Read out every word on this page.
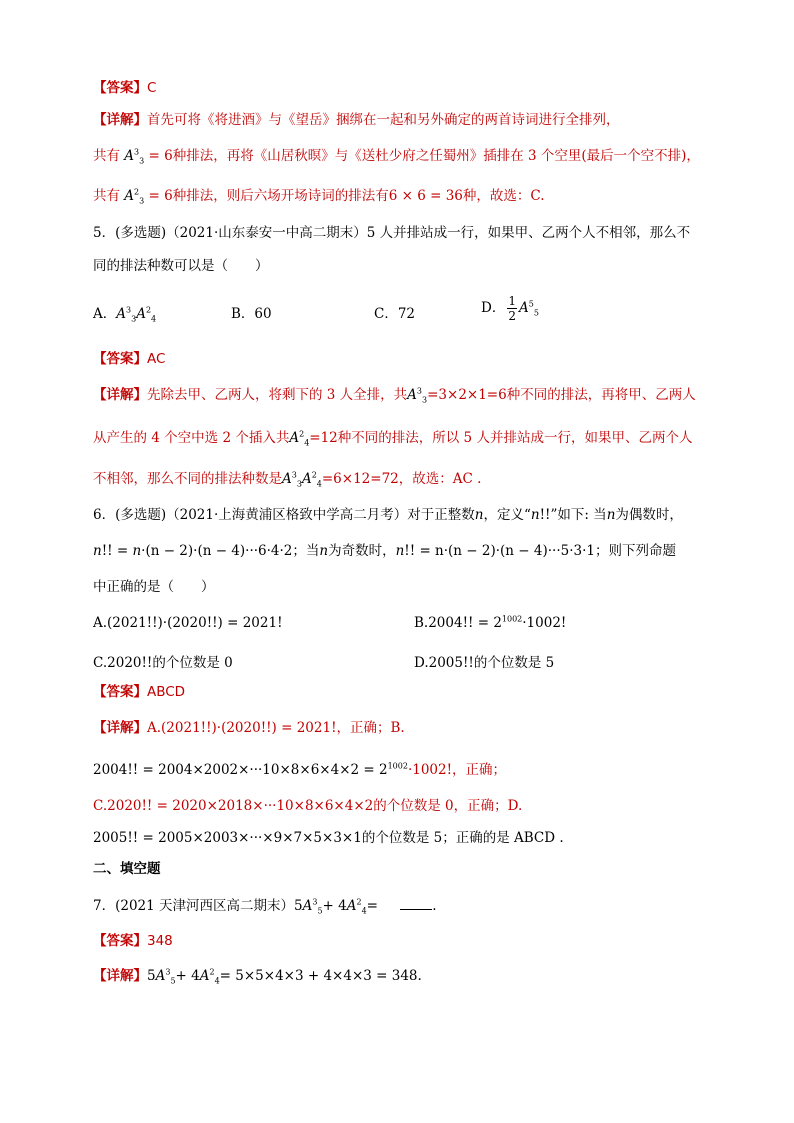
【答案】C
【详解】首先可将《将进酒》与《望岳》捆绑在一起和另外确定的两首诗词进行全排列，
共有 $A^3_3 = 6$种排法，再将《山居秋暝》与《送杜少府之任蜀州》插排在 3 个空里(最后一个空不排)，
共有 $A^2_3 = 6$种排法，则后六场开场诗词的排法有6 × 6 = 36种，故选：C.
5．(多选题)（2021·山东泰安一中高二期末）5 人并排站成一行，如果甲、乙两个人不相邻，那么不
同的排法种数可以是（　　）
A．$A^3_3A^2_4$	B．60	C．72	D． $\frac{1}{2} A^5_5$
【答案】AC
【详解】先除去甲、乙两人，将剩下的 3 人全排，共$A^3_3=3\times 2\times 1=6$种不同的排法，再将甲、乙两人
从产生的 4 个空中选 2 个插入共$A^2_4=12$种不同的排法，所以 5 人并排站成一行，如果甲、乙两个人
不相邻，那么不同的排法种数是$A^3_3A^2_4=6\times 12=72$，故选：AC .
6．(多选题)（2021·上海黄浦区格致中学高二月考）对于正整数n，定义“n!!”如下: 当n为偶数时，
n!! = n·(n − 2)·(n − 4)···6·4·2；当n为奇数时，n!! = n·(n − 2)·(n − 4)···5·3·1；则下列命题
中正确的是（　　）
A.(2021!!)·(2020!!) = 2021!	B.2004!! = $2^{1002}\cdot 1002$!
C.2020!!的个位数是 0	D.2005!!的个位数是 5
【答案】ABCD
【详解】A.(2021!!)·(2020!!) = 2021!，正确；B.
2004!! = $2004\times 2002\times\cdot\cdot\cdot 10\times 8\times 6\times 4\times 2 = 2^{1002}\cdot 1002$!，正确；
C.2020!! = 2020×2018×···10×8×6×4×2的个位数是 0，正确；D.
2005!! = 2005×2003×···×9×7×5×3×1的个位数是 5；正确的是 ABCD .
二、填空题
7．(2021 天津河西区高二期末）$5A^3_5+ 4A^2_4=$	.
【答案】348
【详解】$5A^3_5+ 4A^2_4= 5\times 5\times 4\times 3 + 4\times 4\times 3 = 348$.
